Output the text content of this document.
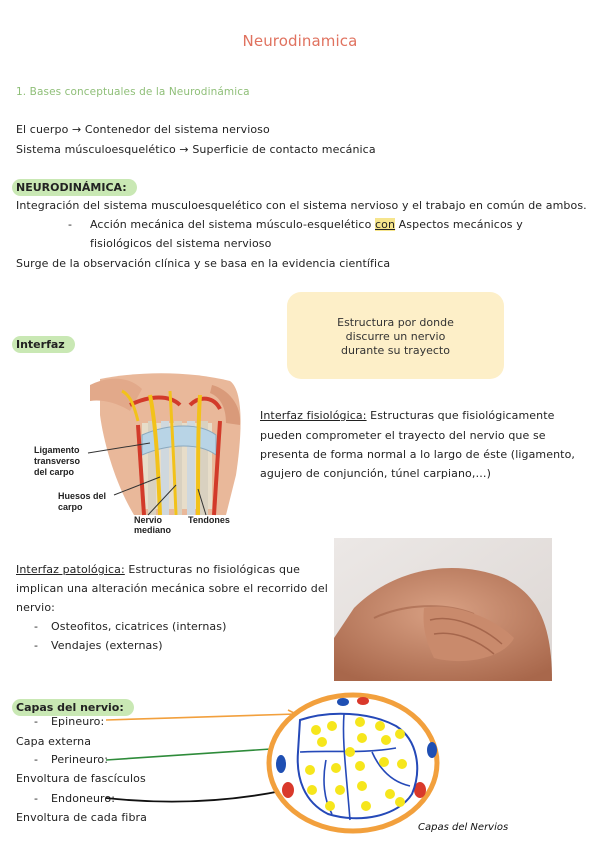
Neurodinamica
1. Bases conceptuales de la Neurodinámica
El cuerpo → Contenedor del sistema nervioso
Sistema músculoesquelético → Superficie de contacto mecánica
NEURODINÁMICA:
Integración del sistema musculoesquelético con el sistema nervioso y el trabajo en común de ambos.
- Acción mecánica del sistema músculo-esquelético con Aspectos mecánicos y
fisiológicos del sistema nervioso
Surge de la observación clínica y se basa en la evidencia científica
Interfaz
Estructura por donde
discurre un nervio
durante su trayecto
Ligamento
transverso
del carpo
Huesos del
carpo
Nervio
mediano
Tendones
Interfaz fisiológica: Estructuras que fisiológicamente
pueden comprometer el trayecto del nervio que se
presenta de forma normal a lo largo de éste (ligamento,
agujero de conjunción, túnel carpiano,…)
Interfaz patológica: Estructuras no fisiológicas que
implican una alteración mecánica sobre el recorrido del
nervio:
- Osteofitos, cicatrices (internas)
- Vendajes (externas)
Capas del nervio:
- Epineuro:
Capa externa
- Perineuro:
Envoltura de fascículos
- Endoneuro:
Envoltura de cada fibra
Capas del Nervios
